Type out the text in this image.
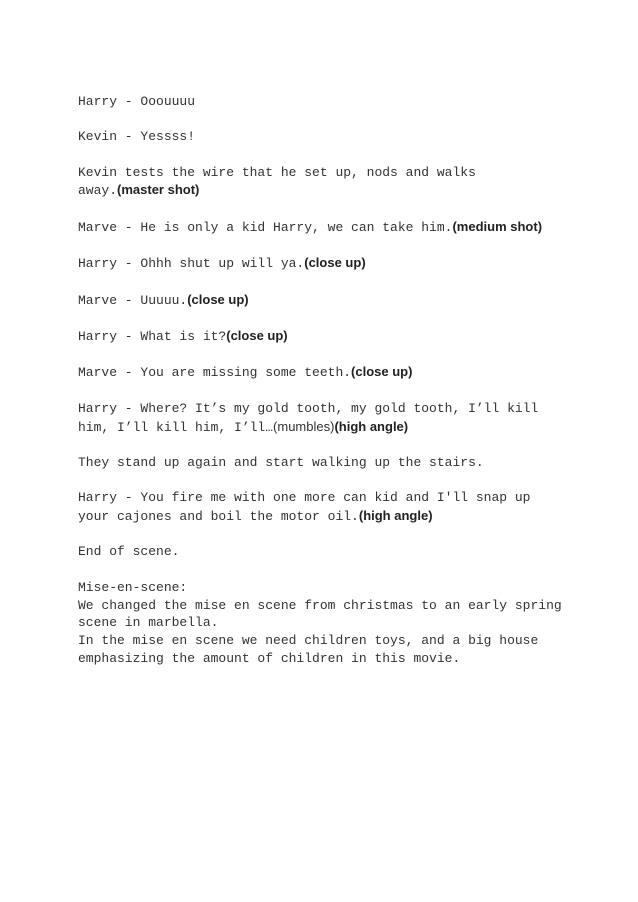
Harry - Ooouuuu

Kevin - Yessss!

Kevin tests the wire that he set up, nods and walks
away.(master shot)

Marve - He is only a kid Harry, we can take him.(medium shot)

Harry - Ohhh shut up will ya.(close up)

Marve - Uuuuu.(close up)

Harry - What is it?(close up)

Marve - You are missing some teeth.(close up)

Harry - Where? It’s my gold tooth, my gold tooth, I’ll kill
him, I’ll kill him, I’ll…(mumbles)(high angle)

They stand up again and start walking up the stairs.

Harry - You fire me with one more can kid and I'll snap up
your cajones and boil the motor oil.(high angle)

End of scene.

Mise-en-scene:

We changed the mise en scene from christmas to an early spring
scene in marbella.

In the mise en scene we need children toys, and a big house
emphasizing the amount of children in this movie.
